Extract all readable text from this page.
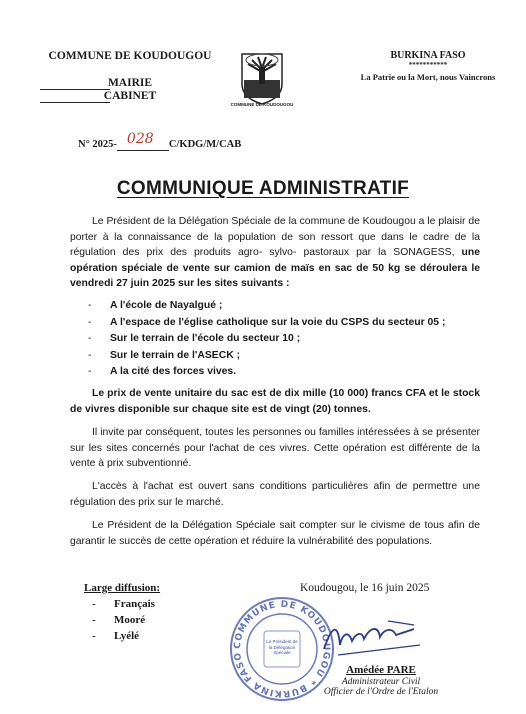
COMMUNE DE KOUDOUGOU
MAIRIE
CABINET
COMMUNE DE KOUDOUGOU
BURKINA FASO
***********
La Patrie ou la Mort, nous Vaincrons
N° 2025- 028 C/KDG/M/CAB
COMMUNIQUE ADMINISTRATIF

Le Président de la Délégation Spéciale de la commune de Koudougou a le plaisir de porter à la connaissance de la population de son ressort que dans le cadre de la régulation des prix des produits agro- sylvo- pastoraux par la SONAGESS, une opération spéciale de vente sur camion de maïs en sac de 50 kg se déroulera le vendredi 27 juin 2025 sur les sites suivants :

- A l'école de Nayalgué ;
- A l'espace de l'église catholique sur la voie du CSPS du secteur 05 ;
- Sur le terrain de l'école du secteur 10 ;
- Sur le terrain de l'ASECK ;
- A la cité des forces vives.

Le prix de vente unitaire du sac est de dix mille (10 000) francs CFA et le stock de vivres disponible sur chaque site est de vingt (20) tonnes.

Il invite par conséquent, toutes les personnes ou familles intéressées à se présenter sur les sites concernés pour l'achat de ces vivres. Cette opération est différente de la vente à prix subventionné.

L'accès à l'achat est ouvert sans conditions particulières afin de permettre une régulation des prix sur le marché.

Le Président de la Délégation Spéciale sait compter sur le civisme de tous afin de garantir le succès de cette opération et réduire la vulnérabilité des populations.

Large diffusion:
- Français
- Mooré
- Lyélé
Koudougou, le 16 juin 2025
COMMUNE DE KOUDOUGOU * BURKINA FASO
Le Président de la Délégation Spéciale
Amédée PARE
Administrateur Civil
Officier de l'Ordre de l'Etalon
